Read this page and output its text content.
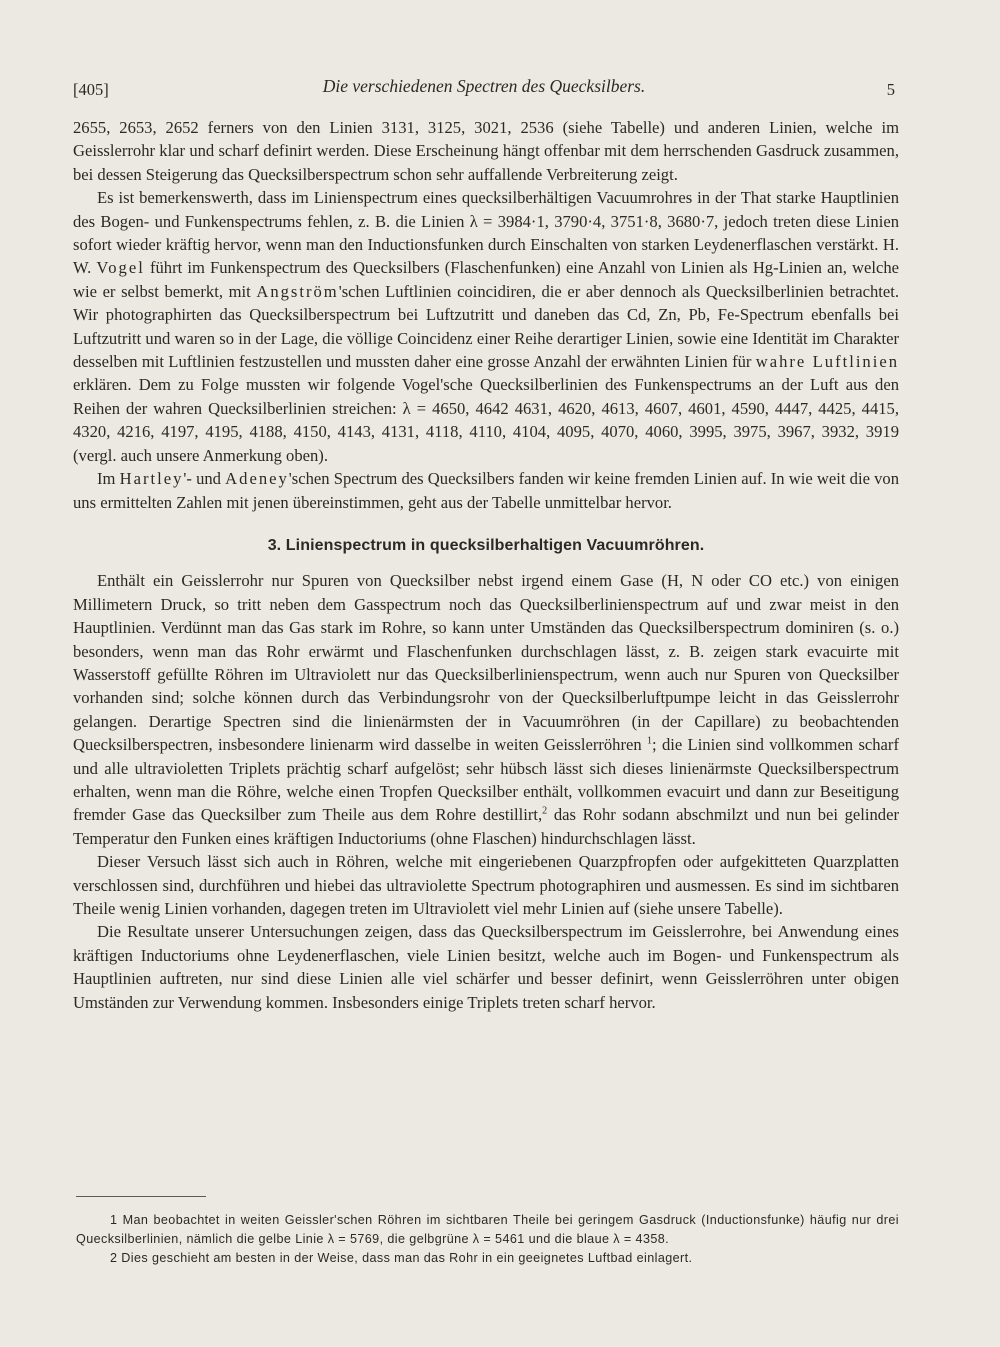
[405]	Die verschiedenen Spectren des Quecksilbers.	5

2655, 2653, 2652 ferners von den Linien 3131, 3125, 3021, 2536 (siehe Tabelle) und anderen Linien, welche im Geisslerrohr klar und scharf definirt werden. Diese Erscheinung hängt offenbar mit dem herrschenden Gasdruck zusammen, bei dessen Steigerung das Quecksilberspectrum schon sehr auffallende Verbreiterung zeigt.

Es ist bemerkenswerth, dass im Linienspectrum eines quecksilberhältigen Vacuumrohres in der That starke Hauptlinien des Bogen- und Funkenspectrums fehlen, z. B. die Linien λ = 3984·1, 3790·4, 3751·8, 3680·7, jedoch treten diese Linien sofort wieder kräftig hervor, wenn man den Inductionsfunken durch Einschalten von starken Leydenerflaschen verstärkt. H. W. Vogel führt im Funkenspectrum des Quecksilbers (Flaschenfunken) eine Anzahl von Linien als Hg-Linien an, welche wie er selbst bemerkt, mit Angström'schen Luftlinien coincidiren, die er aber dennoch als Quecksilberlinien betrachtet. Wir photographirten das Quecksilberspectrum bei Luftzutritt und daneben das Cd, Zn, Pb, Fe-Spectrum ebenfalls bei Luftzutritt und waren so in der Lage, die völlige Coincidenz einer Reihe derartiger Linien, sowie eine Identität im Charakter desselben mit Luftlinien festzustellen und mussten daher eine grosse Anzahl der erwähnten Linien für wahre Luftlinien erklären. Dem zu Folge mussten wir folgende Vogel'sche Quecksilberlinien des Funkenspectrums an der Luft aus den Reihen der wahren Quecksilberlinien streichen: λ = 4650, 4642 4631, 4620, 4613, 4607, 4601, 4590, 4447, 4425, 4415, 4320, 4216, 4197, 4195, 4188, 4150, 4143, 4131, 4118, 4110, 4104, 4095, 4070, 4060, 3995, 3975, 3967, 3932, 3919 (vergl. auch unsere Anmerkung oben).

Im Hartley'- und Adeney'schen Spectrum des Quecksilbers fanden wir keine fremden Linien auf. In wie weit die von uns ermittelten Zahlen mit jenen übereinstimmen, geht aus der Tabelle unmittelbar hervor.

3. Linienspectrum in quecksilberhaltigen Vacuumröhren.

Enthält ein Geisslerrohr nur Spuren von Quecksilber nebst irgend einem Gase (H, N oder CO etc.) von einigen Millimetern Druck, so tritt neben dem Gasspectrum noch das Quecksilberlinienspectrum auf und zwar meist in den Hauptlinien. Verdünnt man das Gas stark im Rohre, so kann unter Umständen das Quecksilberspectrum dominiren (s. o.) besonders, wenn man das Rohr erwärmt und Flaschenfunken durchschlagen lässt, z. B. zeigen stark evacuirte mit Wasserstoff gefüllte Röhren im Ultraviolett nur das Quecksilberlinienspectrum, wenn auch nur Spuren von Quecksilber vorhanden sind; solche können durch das Verbindungsrohr von der Quecksilberluftpumpe leicht in das Geisslerrohr gelangen. Derartige Spectren sind die linienärmsten der in Vacuumröhren (in der Capillare) zu beobachtenden Quecksilberspectren, insbesondere linienarm wird dasselbe in weiten Geisslerröhren $^1$; die Linien sind vollkommen scharf und alle ultravioletten Triplets prächtig scharf aufgelöst; sehr hübsch lässt sich dieses linienärmste Quecksilberspectrum erhalten, wenn man die Röhre, welche einen Tropfen Quecksilber enthält, vollkommen evacuirt und dann zur Beseitigung fremder Gase das Quecksilber zum Theile aus dem Rohre destillirt,$^2$ das Rohr sodann abschmilzt und nun bei gelinder Temperatur den Funken eines kräftigen Inductoriums (ohne Flaschen) hindurchschlagen lässt.

Dieser Versuch lässt sich auch in Röhren, welche mit eingeriebenen Quarzpfropfen oder aufgekitteten Quarzplatten verschlossen sind, durchführen und hiebei das ultraviolette Spectrum photographiren und ausmessen. Es sind im sichtbaren Theile wenig Linien vorhanden, dagegen treten im Ultraviolett viel mehr Linien auf (siehe unsere Tabelle).

Die Resultate unserer Untersuchungen zeigen, dass das Quecksilberspectrum im Geisslerrohre, bei Anwendung eines kräftigen Inductoriums ohne Leydenerflaschen, viele Linien besitzt, welche auch im Bogen- und Funkenspectrum als Hauptlinien auftreten, nur sind diese Linien alle viel schärfer und besser definirt, wenn Geisslerröhren unter obigen Umständen zur Verwendung kommen. Insbesonders einige Triplets treten scharf hervor.

1 Man beobachtet in weiten Geissler'schen Röhren im sichtbaren Theile bei geringem Gasdruck (Inductionsfunke) häufig nur drei Quecksilberlinien, nämlich die gelbe Linie λ = 5769, die gelbgrüne λ = 5461 und die blaue λ = 4358.

2 Dies geschieht am besten in der Weise, dass man das Rohr in ein geeignetes Luftbad einlagert.
